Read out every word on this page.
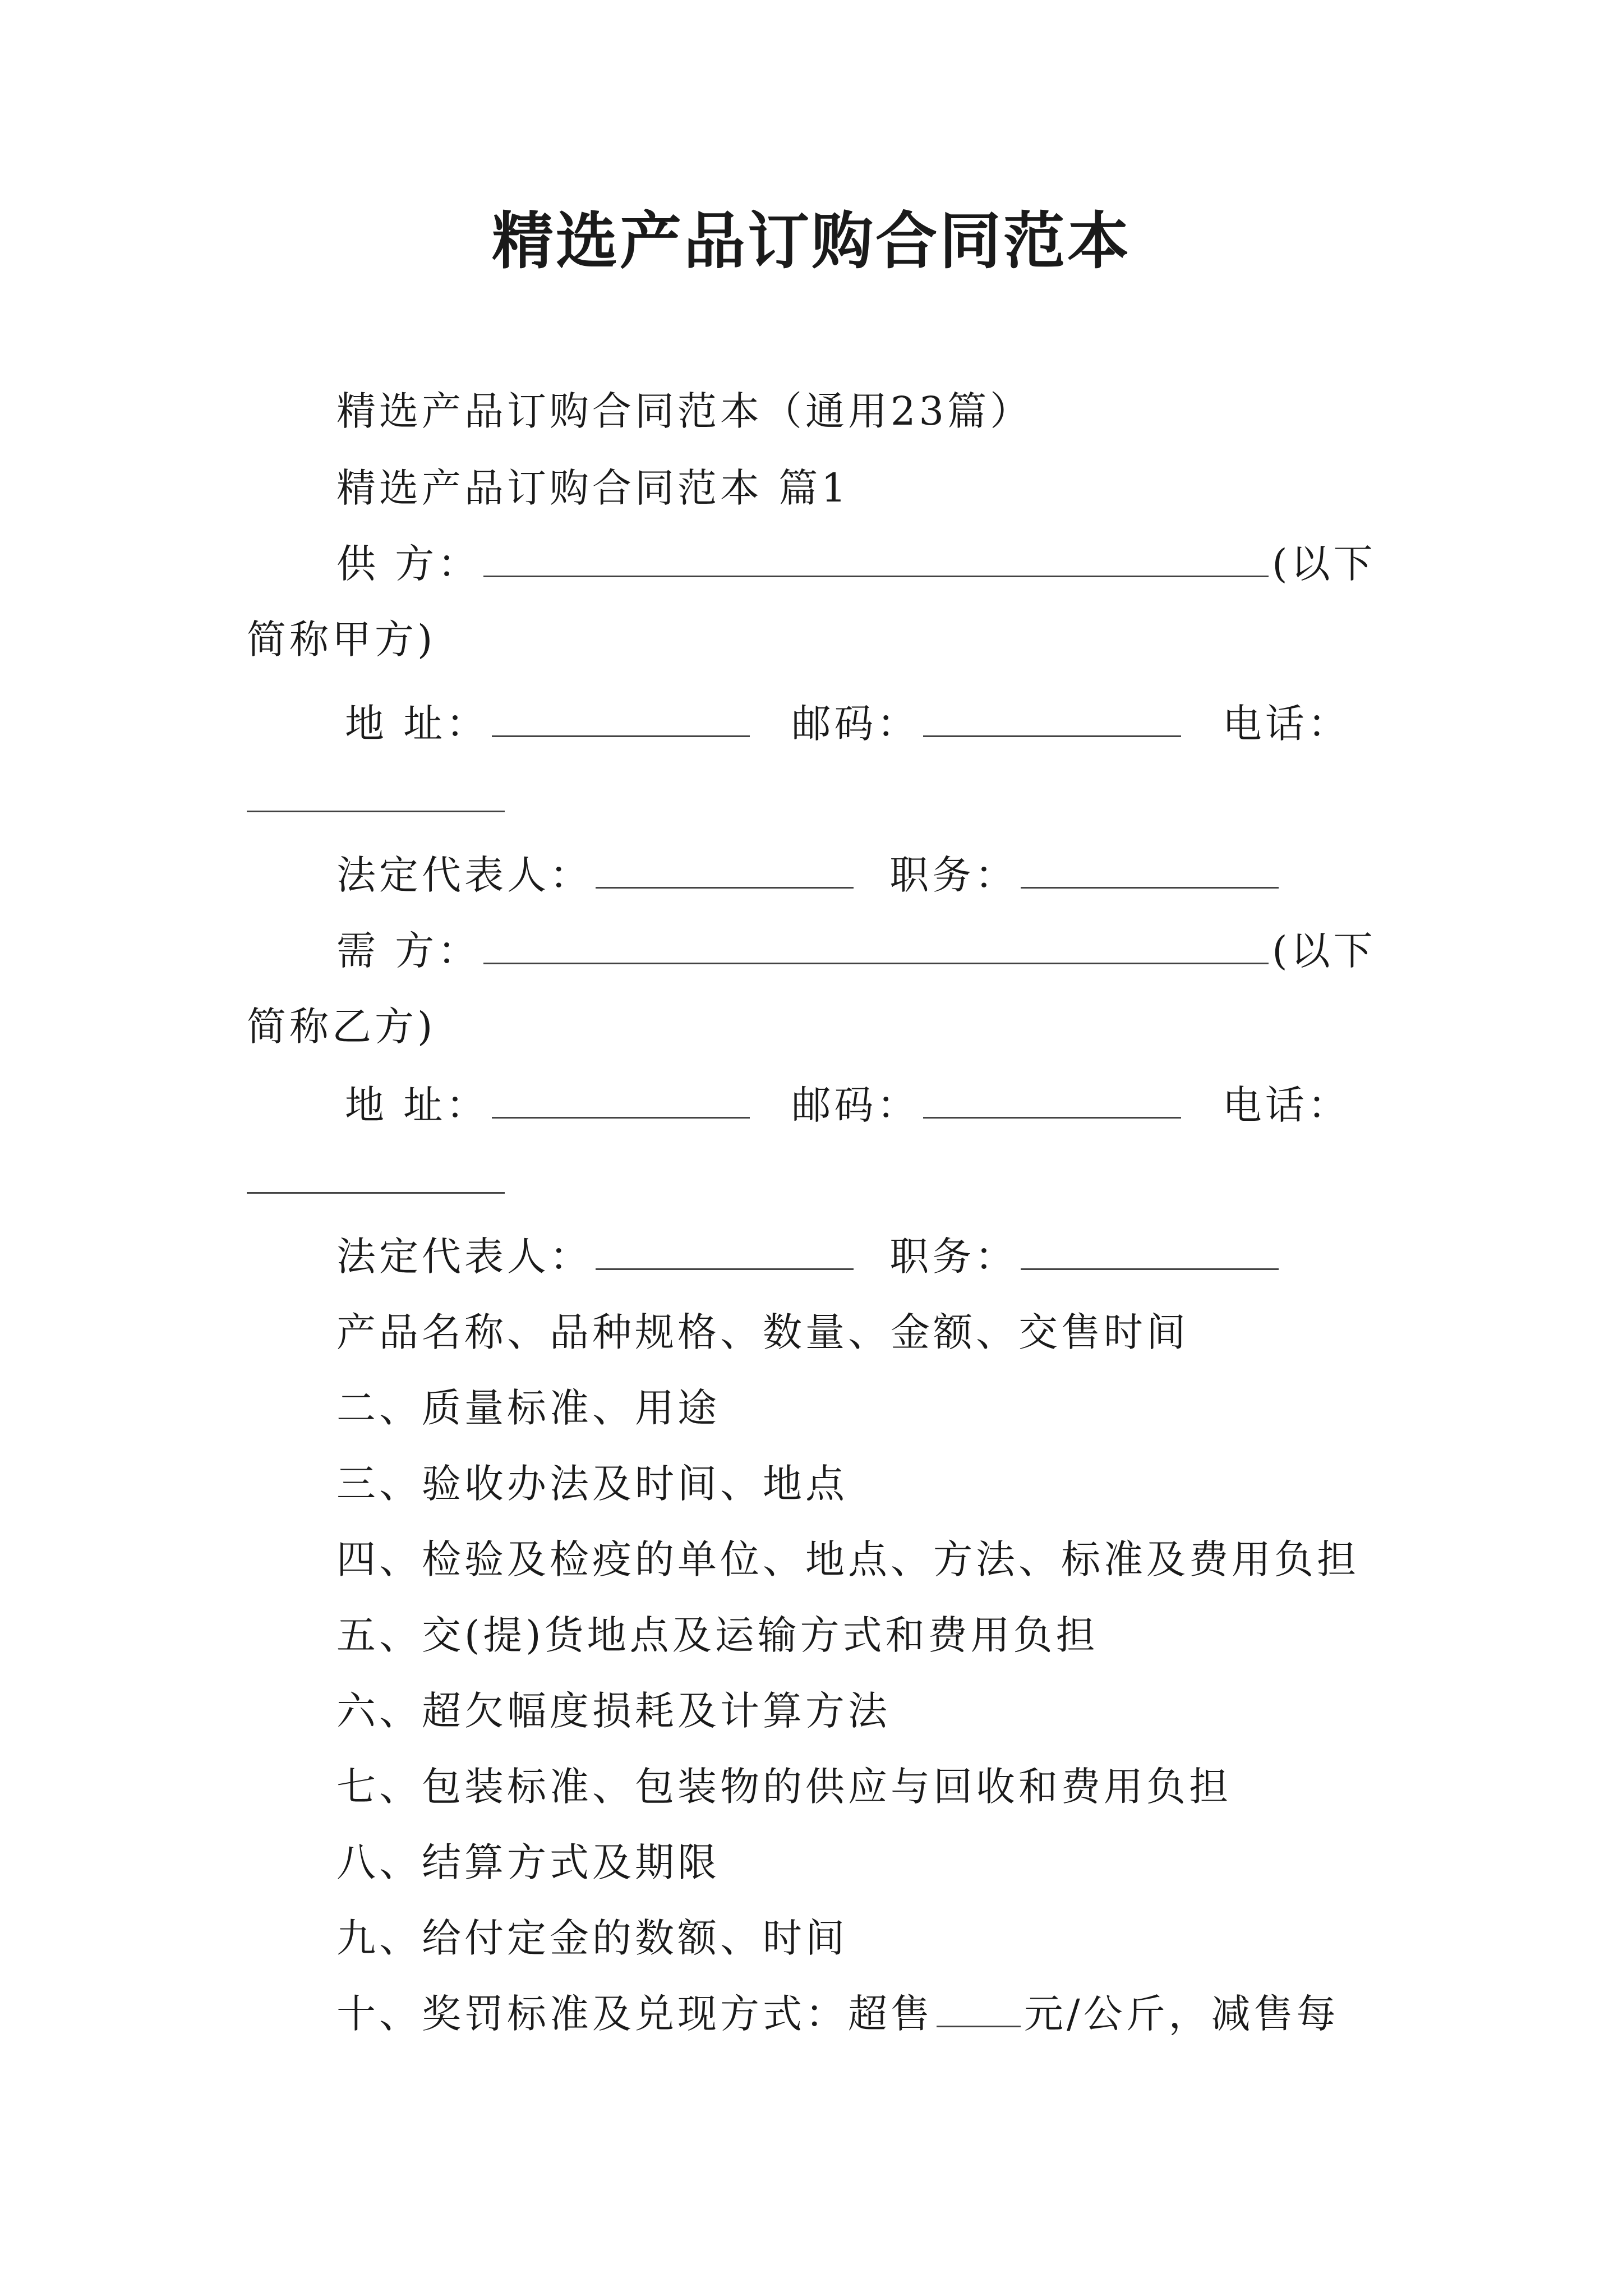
精选产品订购合同范本
精选产品订购合同范本（通用23篇）
精选产品订购合同范本 篇1
供 方：	(以下
简称甲方)
地 址：	邮码：	电话：
法定代表人：	职务：
需 方：	(以下
简称乙方)
地 址：	邮码：	电话：
法定代表人：	职务：
产品名称、品种规格、数量、金额、交售时间
二、质量标准、用途
三、验收办法及时间、地点
四、检验及检疫的单位、地点、方法、标准及费用负担
五、交(提)货地点及运输方式和费用负担
六、超欠幅度损耗及计算方法
七、包装标准、包装物的供应与回收和费用负担
八、结算方式及期限
九、给付定金的数额、时间
十、奖罚标准及兑现方式：超售 元/公斤，减售每
